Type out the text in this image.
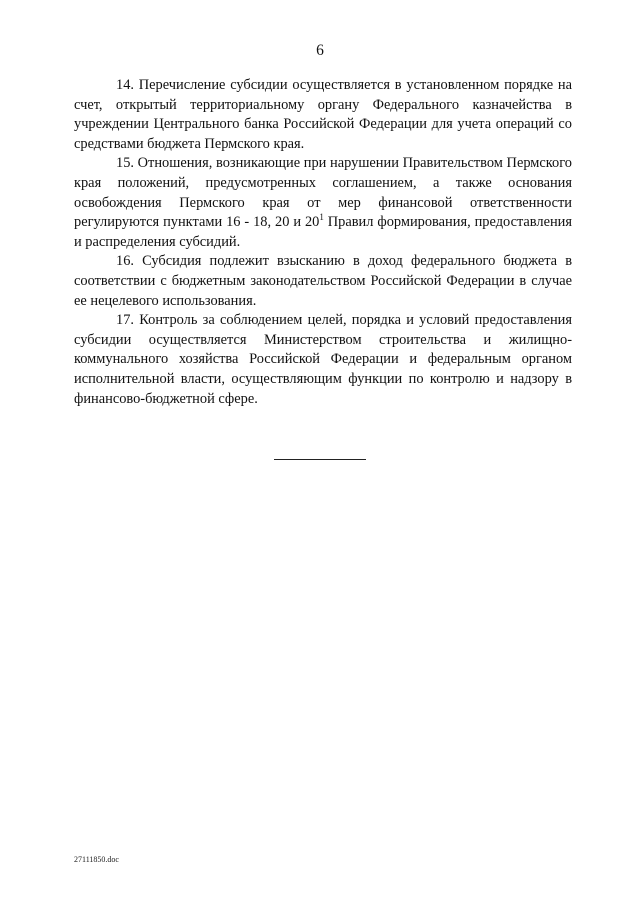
6

14. Перечисление субсидии осуществляется в установленном порядке на счет, открытый территориальному органу Федерального казначейства в учреждении Центрального банка Российской Федерации для учета операций со средствами бюджета Пермского края.

15. Отношения, возникающие при нарушении Правительством Пермского края положений, предусмотренных соглашением, а также основания освобождения Пермского края от мер финансовой ответственности регулируются пунктами 16 - 18, 20 и $20^1$ Правил формирования, предоставления и распределения субсидий.

16. Субсидия подлежит взысканию в доход федерального бюджета в соответствии с бюджетным законодательством Российской Федерации в случае ее нецелевого использования.

17. Контроль за соблюдением целей, порядка и условий предоставления субсидии осуществляется Министерством строительства и жилищно-коммунального хозяйства Российской Федерации и федеральным органом исполнительной власти, осуществляющим функции по контролю и надзору в финансово-бюджетной сфере.

27111850.doc
